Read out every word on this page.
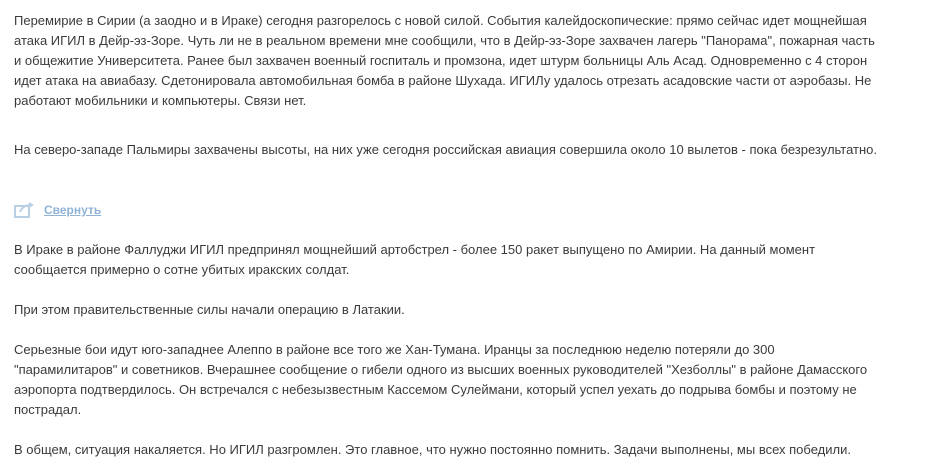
Перемирие в Сирии (а заодно и в Ираке) сегодня разгорелось с новой силой. События калейдоскопические: прямо сейчас идет мощнейшая
атака ИГИЛ в Дейр-эз-Зоре. Чуть ли не в реальном времени мне сообщили, что в Дейр-эз-Зоре захвачен лагерь "Панорама", пожарная часть
и общежитие Университета. Ранее был захвачен военный госпиталь и промзона, идет штурм больницы Аль Асад. Одновременно с 4 сторон
идет атака на авиабазу. Сдетонировала автомобильная бомба в районе Шухада. ИГИЛу удалось отрезать асадовские части от аэробазы. Не
работают мобильники и компьютеры. Связи нет.
На северо-западе Пальмиры захвачены высоты, на них уже сегодня российская авиация совершила около 10 вылетов - пока безрезультатно.
Свернуть
В Ираке в районе Фаллуджи ИГИЛ предпринял мощнейший артобстрел - более 150 ракет выпущено по Амирии. На данный момент
сообщается примерно о сотне убитых иракских солдат.
При этом правительственные силы начали операцию в Латакии.
Серьезные бои идут юго-западнее Алеппо в районе все того же Хан-Тумана. Иранцы за последнюю неделю потеряли до 300
"парамилитаров" и советников. Вчерашнее сообщение о гибели одного из высших военных руководителей "Хезболлы" в районе Дамасского
аэропорта подтвердилось. Он встречался с небезызвестным Кассемом Сулеймани, который успел уехать до подрыва бомбы и поэтому не
пострадал.
В общем, ситуация накаляется. Но ИГИЛ разгромлен. Это главное, что нужно постоянно помнить. Задачи выполнены, мы всех победили.
